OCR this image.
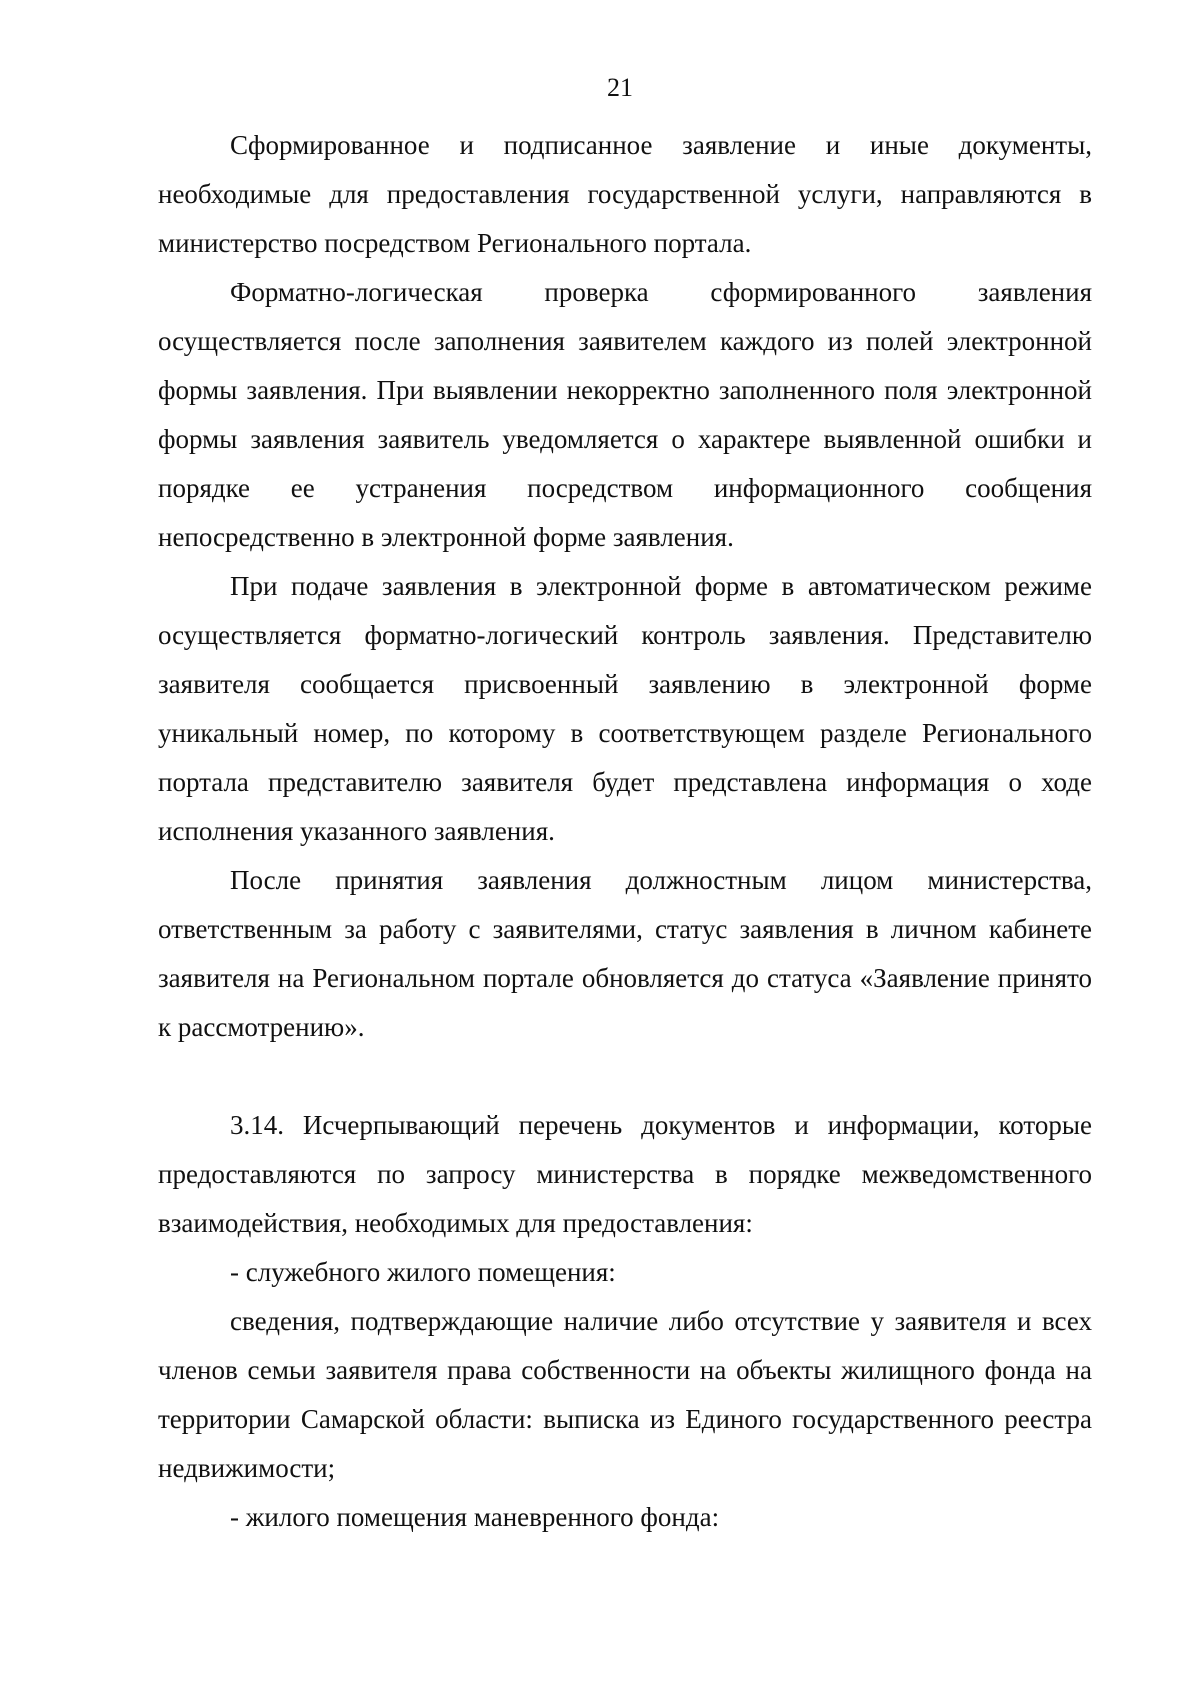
21

Сформированное и подписанное заявление и иные документы, необходимые для предоставления государственной услуги, направляются в министерство посредством Регионального портала.

Форматно-логическая проверка сформированного заявления осуществляется после заполнения заявителем каждого из полей электронной формы заявления. При выявлении некорректно заполненного поля электронной формы заявления заявитель уведомляется о характере выявленной ошибки и порядке ее устранения посредством информационного сообщения непосредственно в электронной форме заявления.

При подаче заявления в электронной форме в автоматическом режиме осуществляется форматно-логический контроль заявления. Представителю заявителя сообщается присвоенный заявлению в электронной форме уникальный номер, по которому в соответствующем разделе Регионального портала представителю заявителя будет представлена информация о ходе исполнения указанного заявления.

После принятия заявления должностным лицом министерства, ответственным за работу с заявителями, статус заявления в личном кабинете заявителя на Региональном портале обновляется до статуса «Заявление принято к рассмотрению».

3.14. Исчерпывающий перечень документов и информации, которые предоставляются по запросу министерства в порядке межведомственного взаимодействия, необходимых для предоставления:

- служебного жилого помещения:

сведения, подтверждающие наличие либо отсутствие у заявителя и всех членов семьи заявителя права собственности на объекты жилищного фонда на территории Самарской области: выписка из Единого государственного реестра недвижимости;

- жилого помещения маневренного фонда:
